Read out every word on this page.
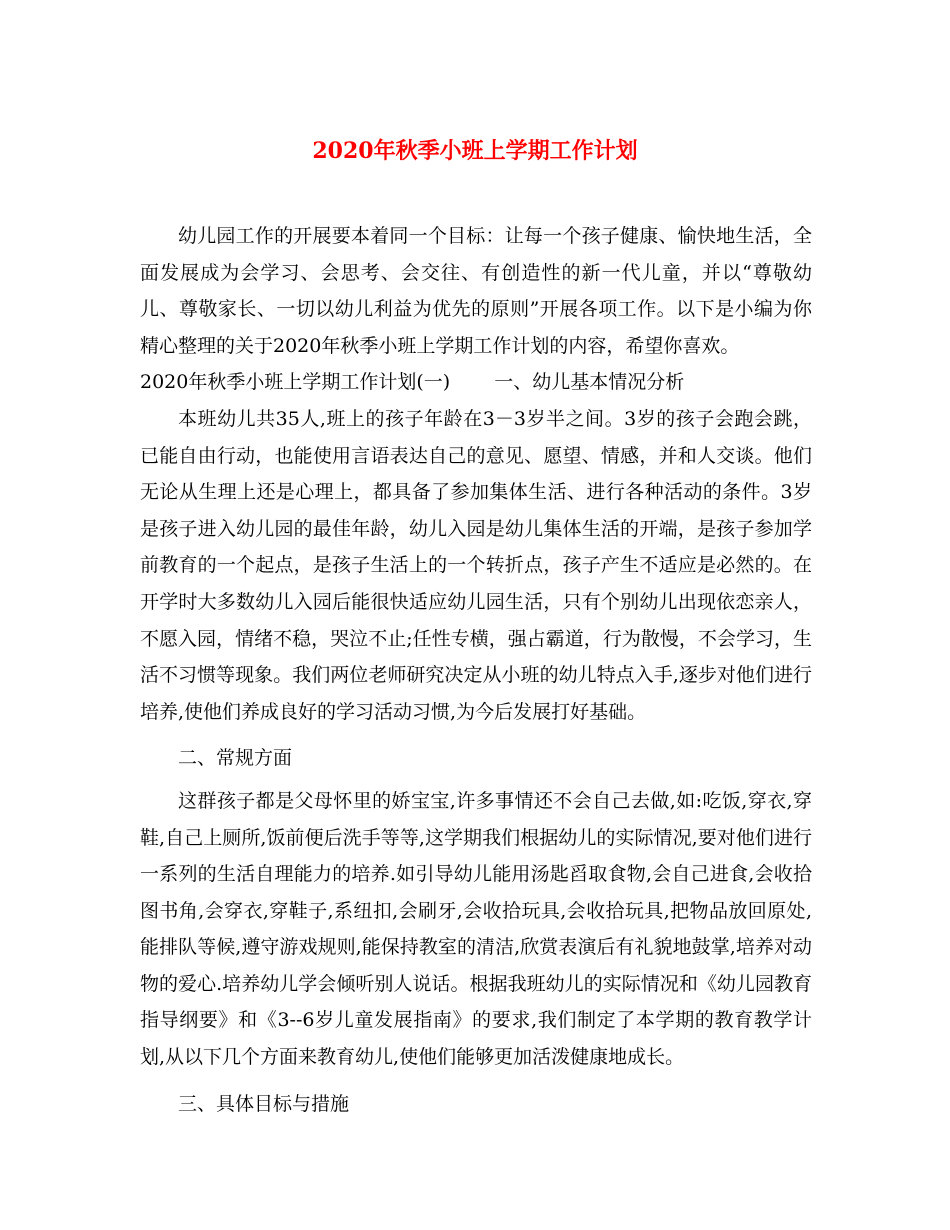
2020年秋季小班上学期工作计划

幼儿园工作的开展要本着同一个目标：让每一个孩子健康、愉快地生活，全面发展成为会学习、会思考、会交往、有创造性的新一代儿童，并以“尊敬幼儿、尊敬家长、一切以幼儿利益为优先的原则”开展各项工作。以下是小编为你精心整理的关于2020年秋季小班上学期工作计划的内容，希望你喜欢。

2020年秋季小班上学期工作计划(一) 一、幼儿基本情况分析

本班幼儿共35人,班上的孩子年龄在3－3岁半之间。3岁的孩子会跑会跳，已能自由行动，也能使用言语表达自己的意见、愿望、情感，并和人交谈。他们无论从生理上还是心理上，都具备了参加集体生活、进行各种活动的条件。3岁是孩子进入幼儿园的最佳年龄，幼儿入园是幼儿集体生活的开端，是孩子参加学前教育的一个起点，是孩子生活上的一个转折点，孩子产生不适应是必然的。在开学时大多数幼儿入园后能很快适应幼儿园生活，只有个别幼儿出现依恋亲人，不愿入园，情绪不稳，哭泣不止;任性专横，强占霸道，行为散慢，不会学习，生活不习惯等现象。我们两位老师研究决定从小班的幼儿特点入手,逐步对他们进行培养,使他们养成良好的学习活动习惯,为今后发展打好基础。

二、常规方面

这群孩子都是父母怀里的娇宝宝,许多事情还不会自己去做,如:吃饭,穿衣,穿鞋,自己上厕所,饭前便后洗手等等,这学期我们根据幼儿的实际情况,要对他们进行一系列的生活自理能力的培养.如引导幼儿能用汤匙舀取食物,会自己进食,会收拾图书角,会穿衣,穿鞋子,系纽扣,会刷牙,会收拾玩具,会收拾玩具,把物品放回原处,能排队等候,遵守游戏规则,能保持教室的清洁,欣赏表演后有礼貌地鼓掌,培养对动物的爱心.培养幼儿学会倾听别人说话。根据我班幼儿的实际情况和《幼儿园教育指导纲要》和《3--6岁儿童发展指南》的要求,我们制定了本学期的教育教学计划,从以下几个方面来教育幼儿,使他们能够更加活泼健康地成长。

三、具体目标与措施
